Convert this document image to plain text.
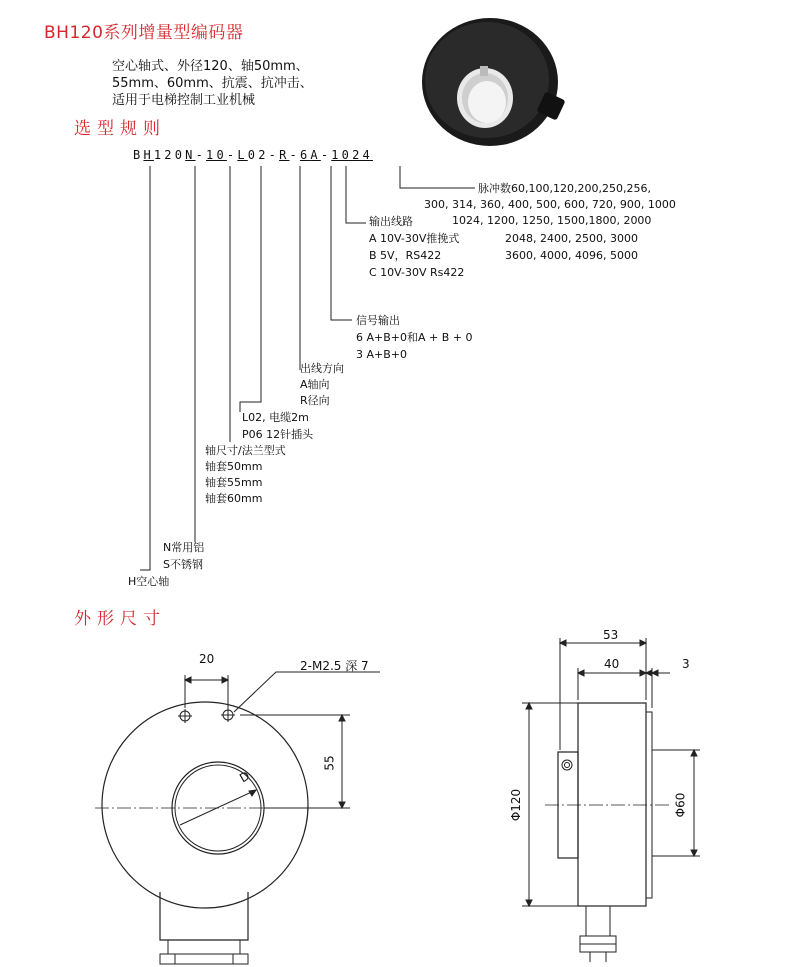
BH120系列增量型编码器
空心轴式、外径120、轴50mm、
55mm、60mm、抗震、抗冲击、
适用于电梯控制工业机械
选型规则
BH120N-10-L02-R-6A-1024
脉冲数60,100,120,200,250,256,
300, 314, 360, 400, 500, 600, 720, 900, 1000
1024, 1200, 1250, 1500,1800, 2000
2048, 2400, 2500, 3000
3600, 4000, 4096, 5000
输出线路
A 10V-30V推挽式
B 5V，RS422
C 10V-30V Rs422
信号输出
6 A+B+0和A + B + 0
3 A+B+0
出线方向
A轴向
R径向
L02, 电缆2m
P06 12针插头
轴尺寸/法兰型式
轴套50mm
轴套55mm
轴套60mm
N常用铝
S不锈钢
H空心轴
外形尺寸
20	2-M2.5 深 7
55
D
53
40	3
Φ120	Φ60
